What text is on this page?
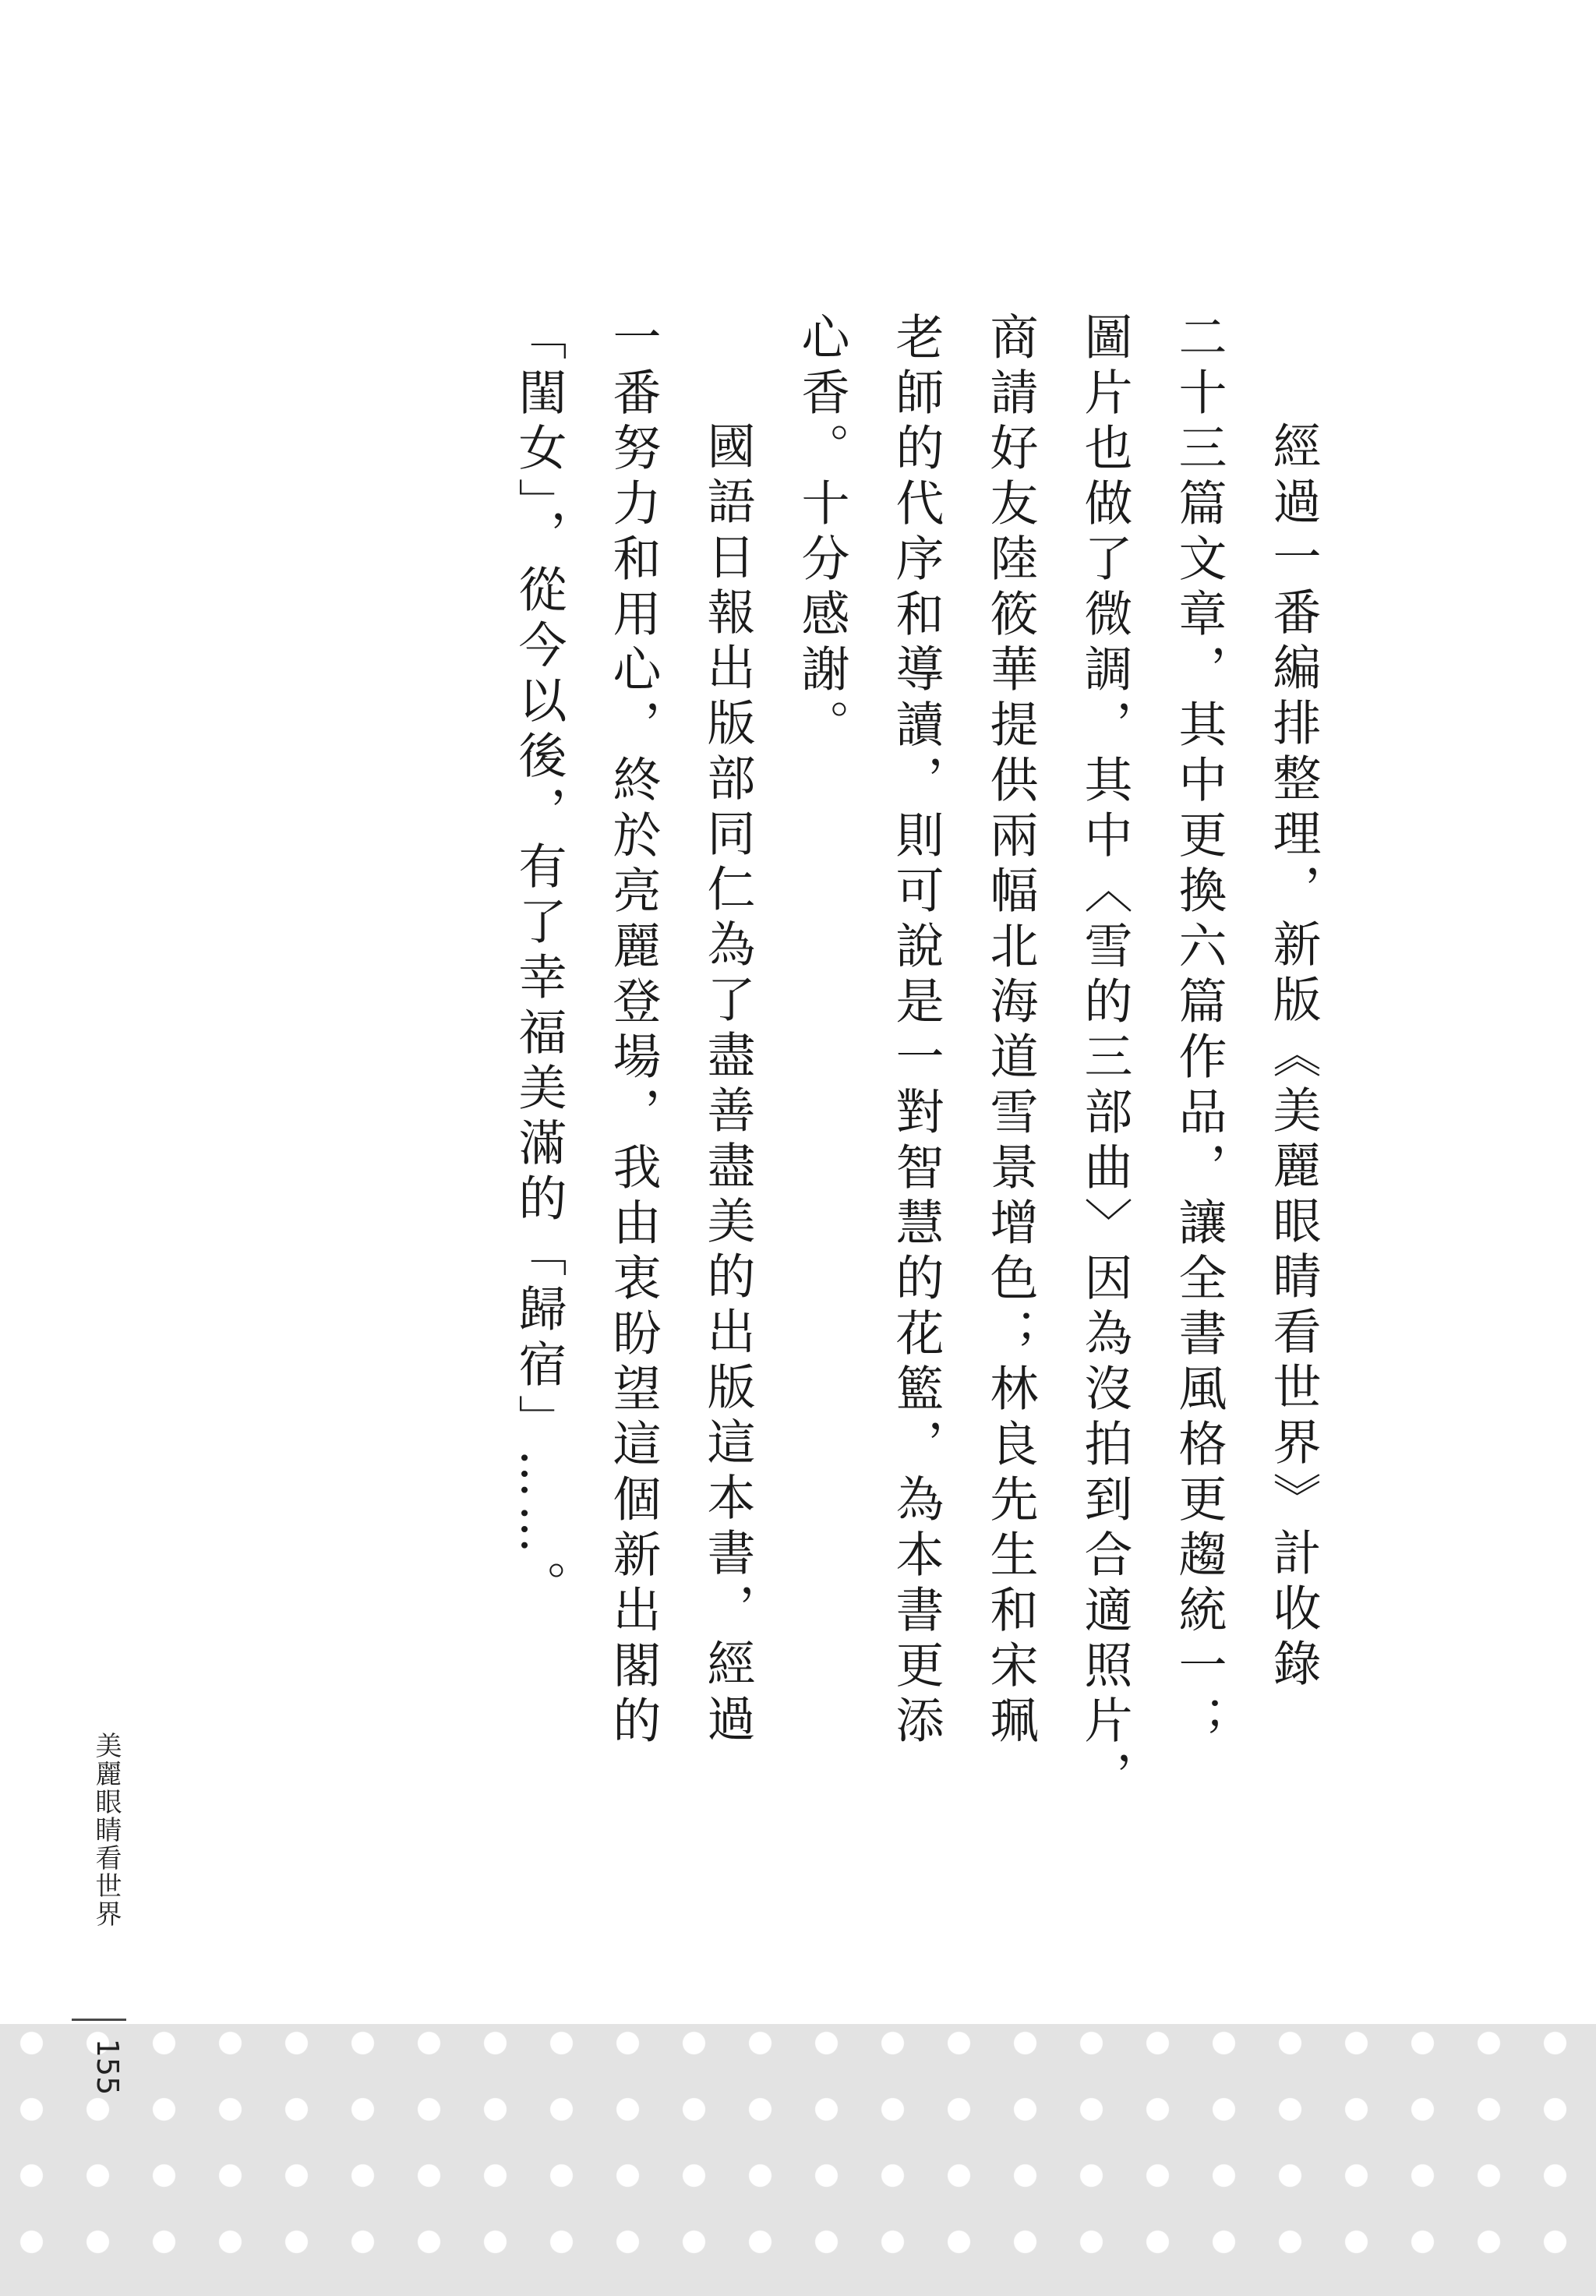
經過一番編排整理，新版《美麗眼睛看世界》計收錄
二十三篇文章，其中更換六篇作品，讓全書風格更趨統一；
圖片也做了微調，其中〈雪的三部曲〉因為沒拍到合適照片，
商請好友陸筱華提供兩幅北海道雪景增色；林良先生和宋珮
老師的代序和導讀，則可說是一對智慧的花籃，為本書更添
心香。十分感謝。
國語日報出版部同仁為了盡善盡美的出版這本書，經過
一番努力和用心，終於亮麗登場，我由衷盼望這個新出閣的
「閨女」，從今以後，有了幸福美滿的「歸宿」……。
美麗眼睛看世界
155
